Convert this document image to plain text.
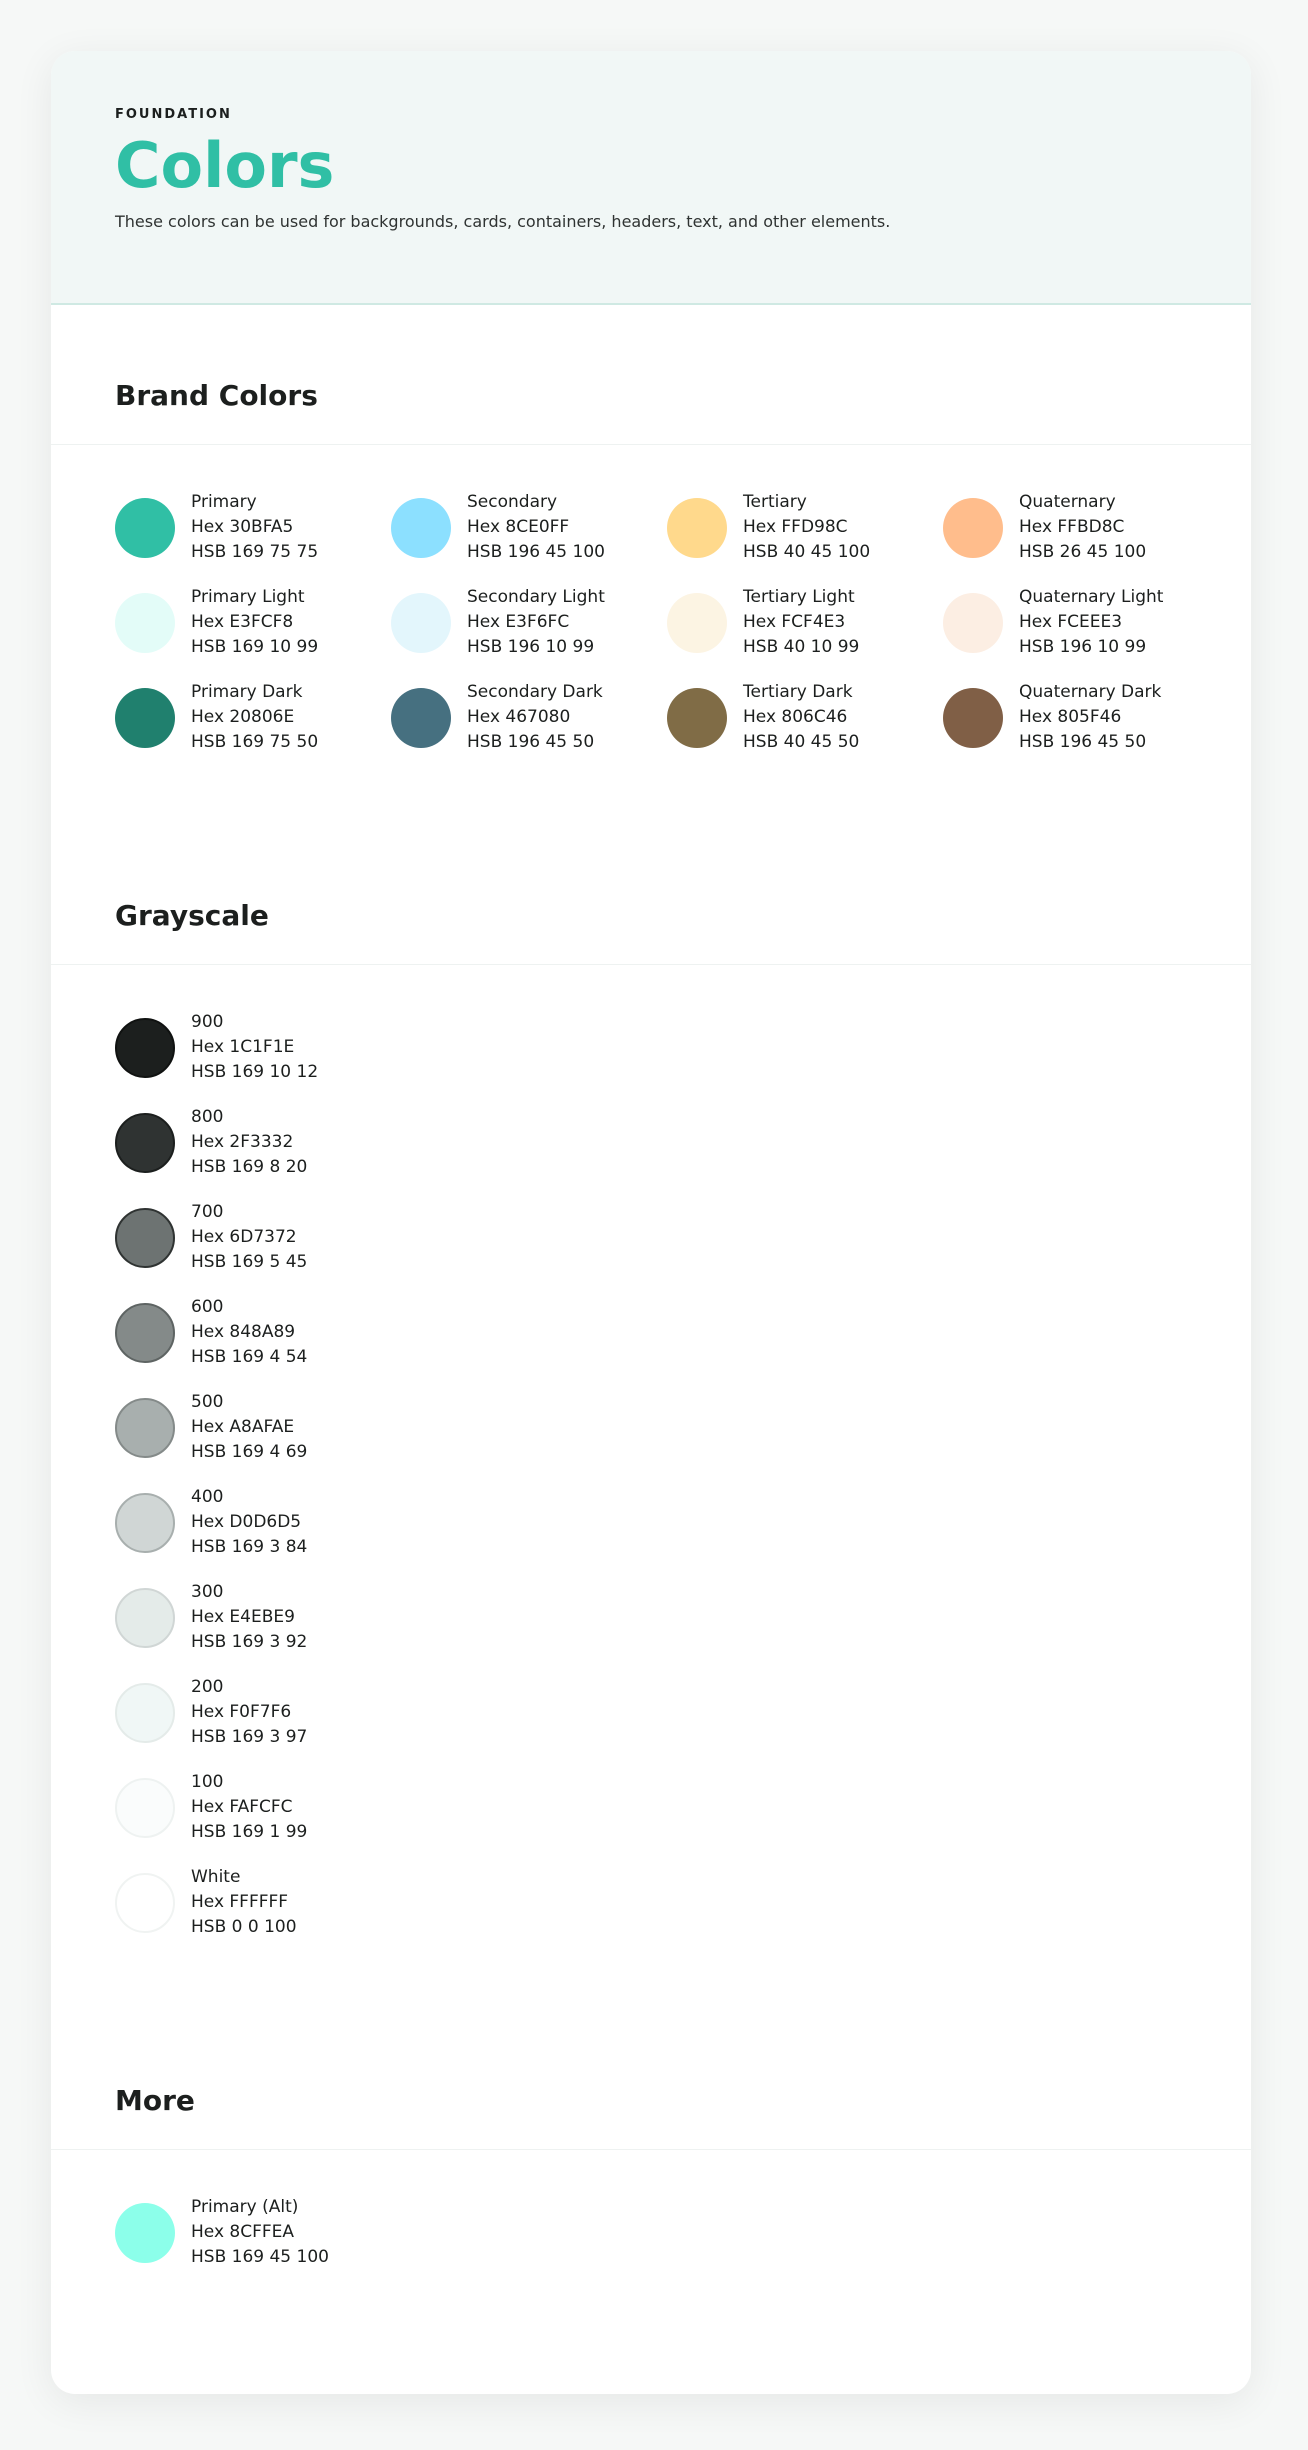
FOUNDATION
Colors
These colors can be used for backgrounds, cards, containers, headers, text, and other elements.
Brand Colors
Primary
Hex 30BFA5
HSB 169 75 75
Secondary
Hex 8CE0FF
HSB 196 45 100
Tertiary
Hex FFD98C
HSB 40 45 100
Quaternary
Hex FFBD8C
HSB 26 45 100
Primary Light
Hex E3FCF8
HSB 169 10 99
Secondary Light
Hex E3F6FC
HSB 196 10 99
Tertiary Light
Hex FCF4E3
HSB 40 10 99
Quaternary Light
Hex FCEEE3
HSB 196 10 99
Primary Dark
Hex 20806E
HSB 169 75 50
Secondary Dark
Hex 467080
HSB 196 45 50
Tertiary Dark
Hex 806C46
HSB 40 45 50
Quaternary Dark
Hex 805F46
HSB 196 45 50
Grayscale
900
Hex 1C1F1E
HSB 169 10 12
800
Hex 2F3332
HSB 169 8 20
700
Hex 6D7372
HSB 169 5 45
600
Hex 848A89
HSB 169 4 54
500
Hex A8AFAE
HSB 169 4 69
400
Hex D0D6D5
HSB 169 3 84
300
Hex E4EBE9
HSB 169 3 92
200
Hex F0F7F6
HSB 169 3 97
100
Hex FAFCFC
HSB 169 1 99
White
Hex FFFFFF
HSB 0 0 100
More
Primary (Alt)
Hex 8CFFEA
HSB 169 45 100
